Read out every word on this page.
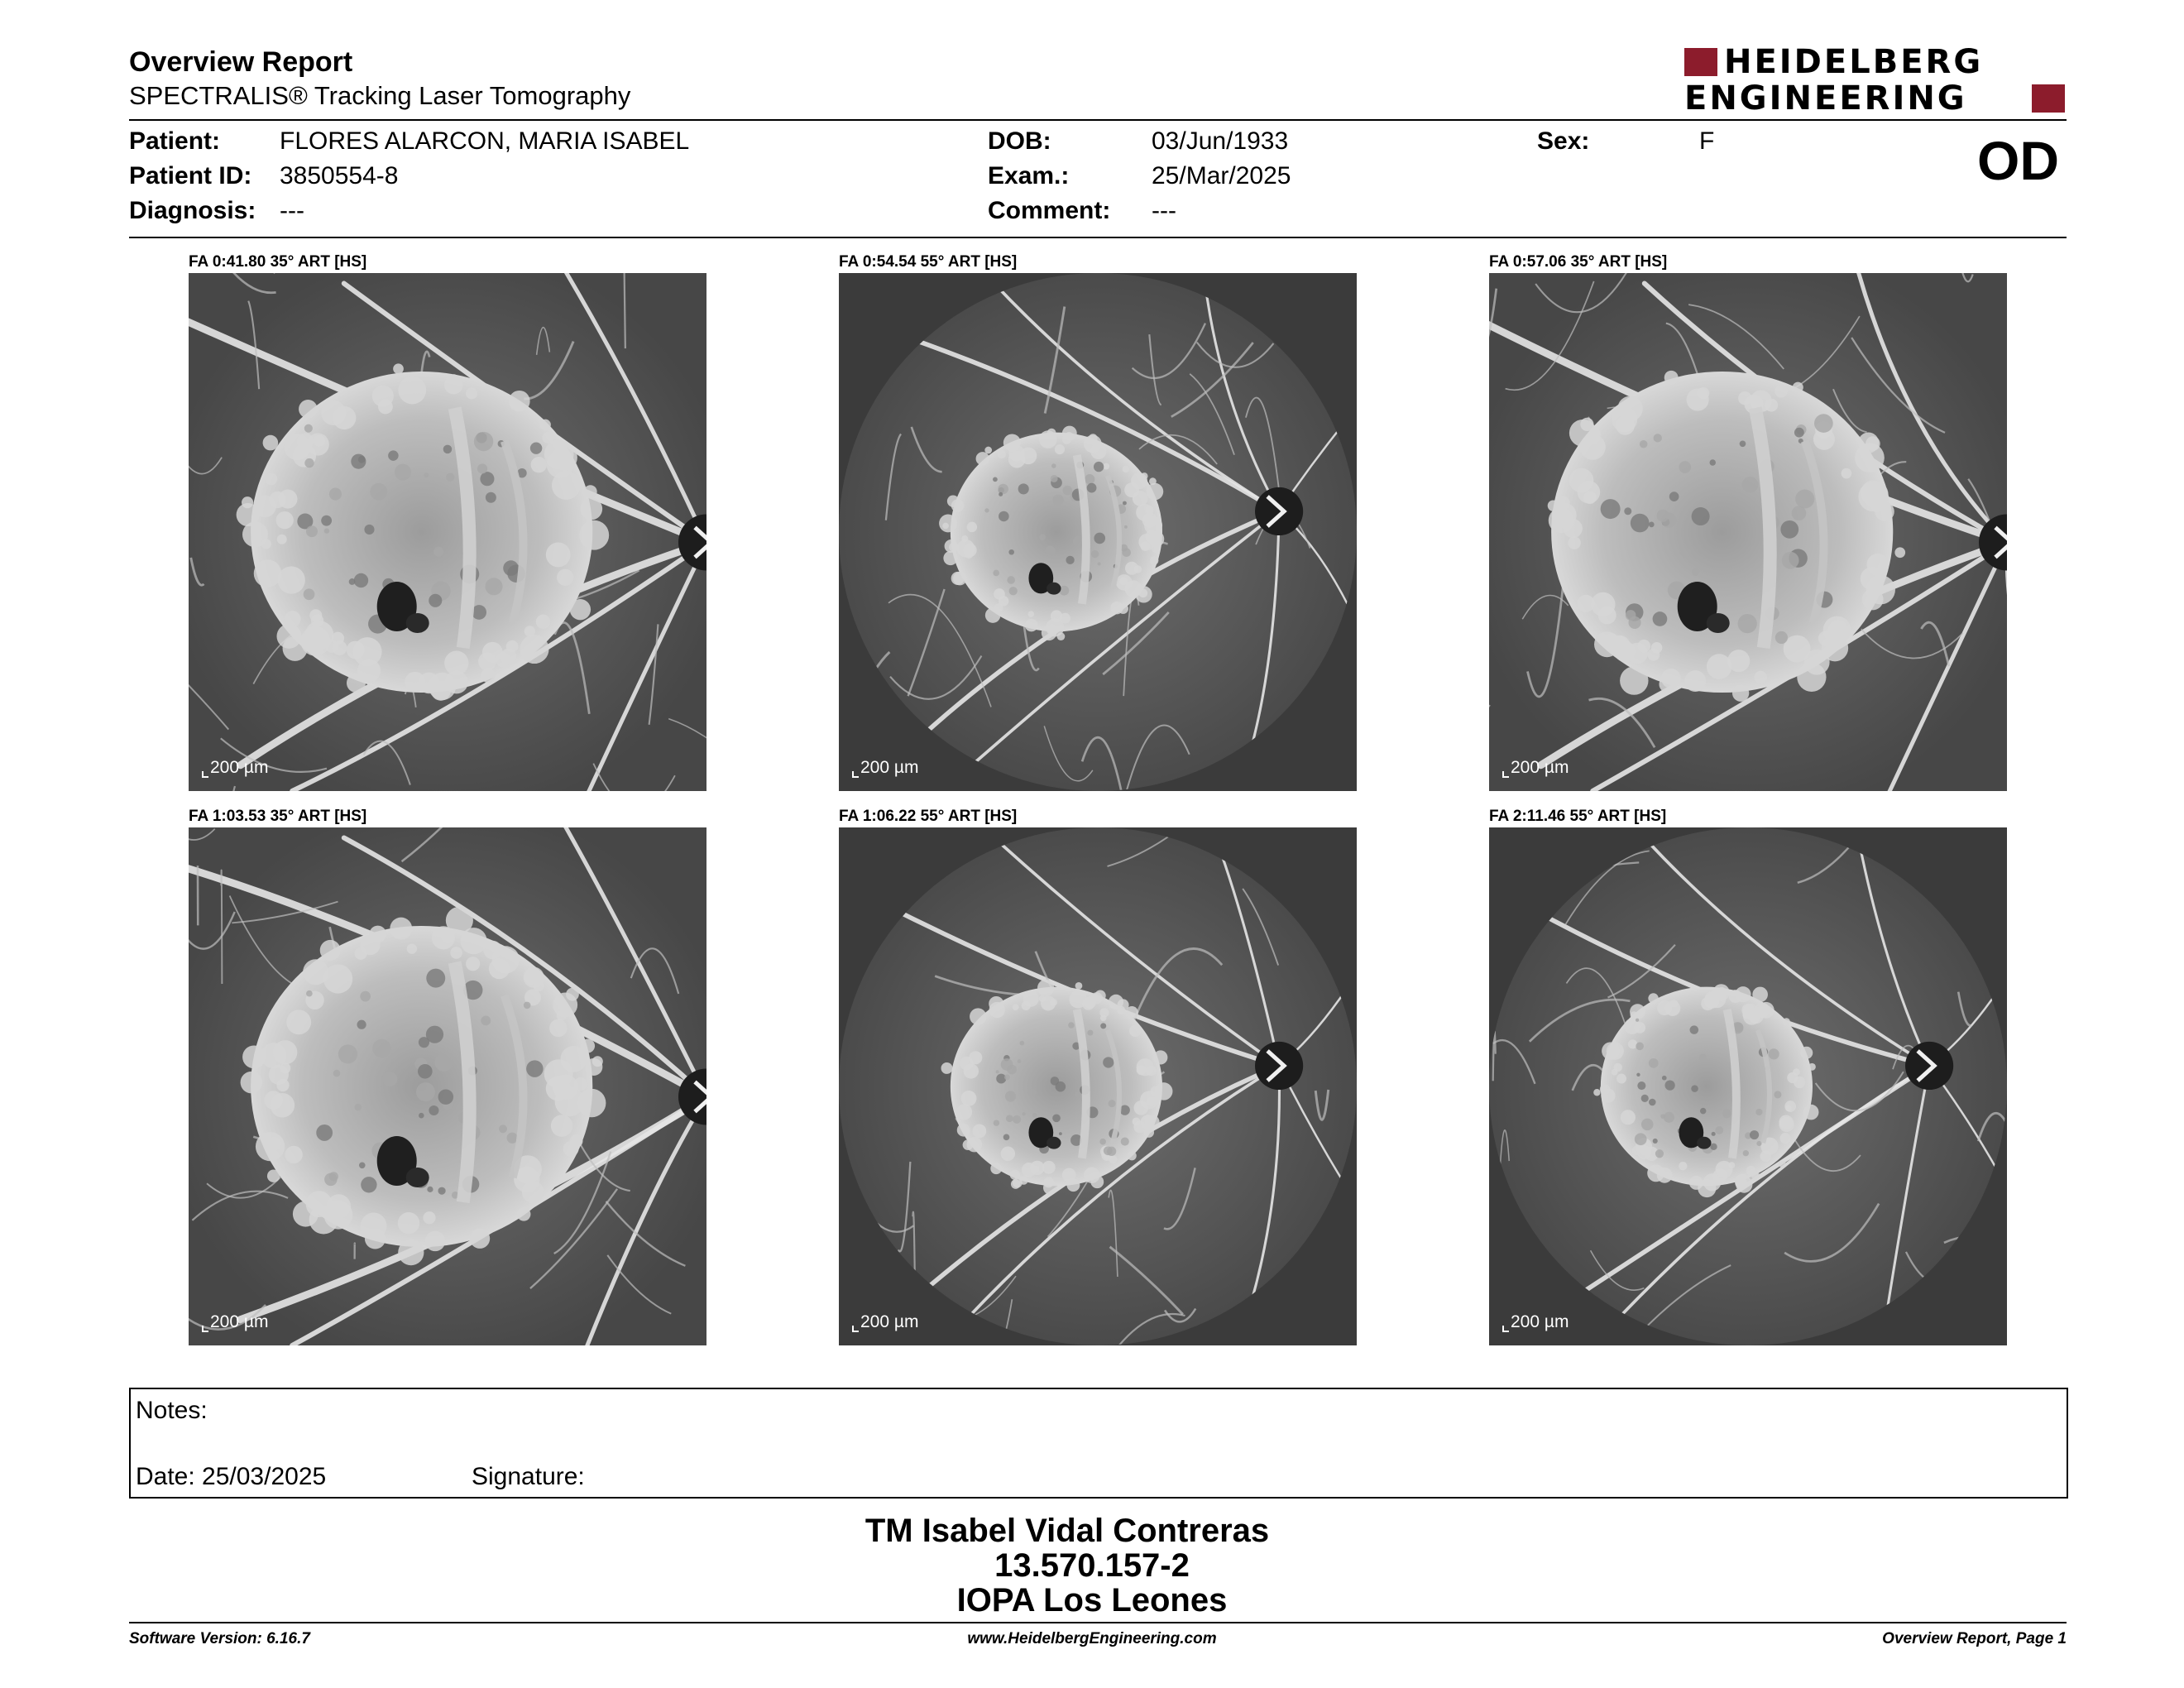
Overview Report
SPECTRALIS® Tracking Laser Tomography
HEIDELBERG
ENGINEERING
Patient: FLORES ALARCON, MARIA ISABEL
Patient ID: 3850554-8
Diagnosis: ---
DOB:	03/Jun/1933
Exam.:	25/Mar/2025
Comment: ---
Sex:	F	OD
FA 0:41.80 35° ART [HS]
200 µm
FA 0:54.54 55° ART [HS]
200 µm
FA 0:57.06 35° ART [HS]
200 µm
FA 1:03.53 35° ART [HS]
200 µm
FA 1:06.22 55° ART [HS]
200 µm
FA 2:11.46 55° ART [HS]
200 µm
Notes:
Date: 25/03/2025	Signature:
TM Isabel Vidal Contreras
13.570.157-2
IOPA Los Leones
Software Version: 6.16.7	www.HeidelbergEngineering.com	Overview Report, Page 1
